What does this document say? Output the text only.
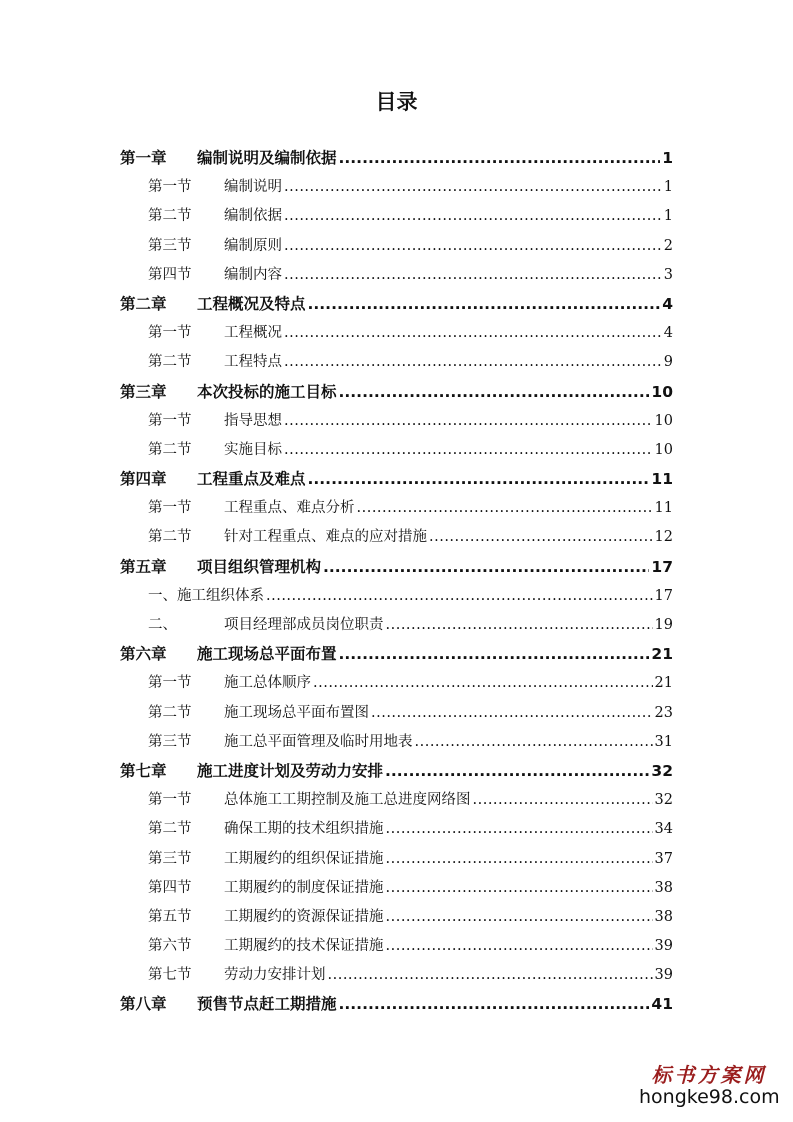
目录
第一章 编制说明及编制依据 .....	1
第一节 编制说明 .....	1
第二节 编制依据 .....	1
第三节 编制原则 .....	2
第四节 编制内容 .....	3
第二章 工程概况及特点 .....	4
第一节 工程概况 .....	4
第二节 工程特点 .....	9
第三章 本次投标的施工目标 .....	10
第一节 指导思想 .....	10
第二节 实施目标 .....	10
第四章 工程重点及难点 .....	11
第一节 工程重点、难点分析 .....	11
第二节 针对工程重点、难点的应对措施 .....	12
第五章 项目组织管理机构 .....	17
一、施工组织体系 .....	17
二、	项目经理部成员岗位职责 .....	19
第六章 施工现场总平面布置 .....	21
第一节 施工总体顺序 .....	21
第二节 施工现场总平面布置图 .....	23
第三节 施工总平面管理及临时用地表 .....	31
第七章 施工进度计划及劳动力安排 .....	32
第一节 总体施工工期控制及施工总进度网络图 .....	32
第二节 确保工期的技术组织措施 .....	34
第三节 工期履约的组织保证措施 .....	37
第四节 工期履约的制度保证措施 .....	38
第五节 工期履约的资源保证措施 .....	38
第六节 工期履约的技术保证措施 .....	39
第七节 劳动力安排计划 .....	39
第八章 预售节点赶工期措施 .....	41
标书方案网
hongke98.com
